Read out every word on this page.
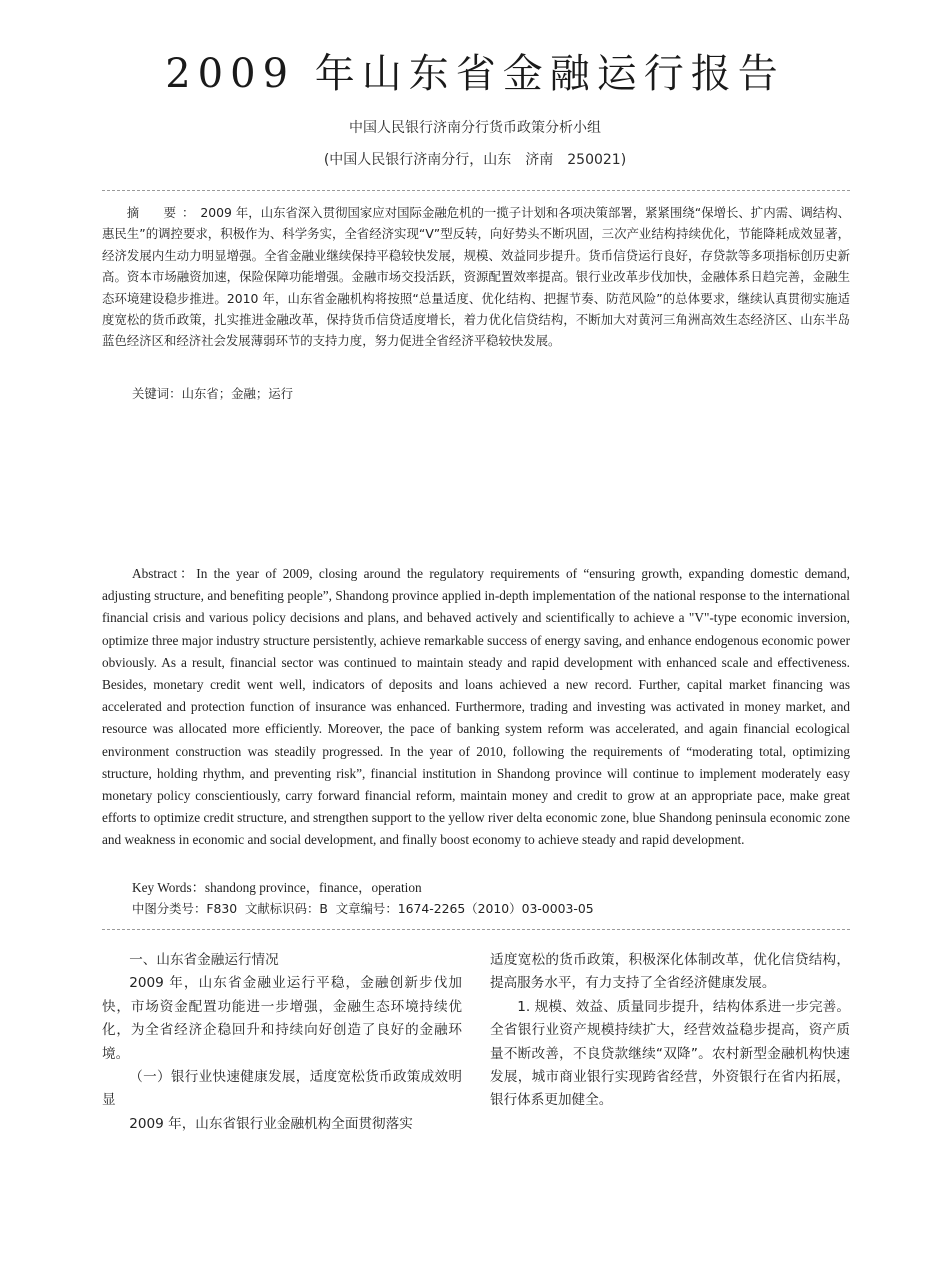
2009 年山东省金融运行报告
中国人民银行济南分行货币政策分析小组
(中国人民银行济南分行，山东　济南　250021)

摘　要：2009 年，山东省深入贯彻国家应对国际金融危机的一揽子计划和各项决策部署，紧紧围绕“保增长、扩内需、调结构、惠民生”的调控要求，积极作为、科学务实，全省经济实现“V”型反转，向好势头不断巩固，三次产业结构持续优化，节能降耗成效显著，经济发展内生动力明显增强。全省金融业继续保持平稳较快发展，规模、效益同步提升。货币信贷运行良好，存贷款等多项指标创历史新高。资本市场融资加速，保险保障功能增强。金融市场交投活跃，资源配置效率提高。银行业改革步伐加快，金融体系日趋完善，金融生态环境建设稳步推进。2010 年，山东省金融机构将按照“总量适度、优化结构、把握节奏、防范风险”的总体要求，继续认真贯彻实施适度宽松的货币政策，扎实推进金融改革，保持货币信贷适度增长，着力优化信贷结构，不断加大对黄河三角洲高效生态经济区、山东半岛蓝色经济区和经济社会发展薄弱环节的支持力度，努力促进全省经济平稳较快发展。

关键词：山东省；金融；运行

Abstract：In the year of 2009, closing around the regulatory requirements of “ensuring growth, expanding domestic demand, adjusting structure, and benefiting people”, Shandong province applied in-depth implementation of the national response to the international financial crisis and various policy decisions and plans, and behaved actively and scientifically to achieve a "V"-type economic inversion, optimize three major industry structure persistently, achieve remarkable success of energy saving, and enhance endogenous economic power obviously. As a result, financial sector was continued to maintain steady and rapid development with enhanced scale and effectiveness. Besides, monetary credit went well, indicators of deposits and loans achieved a new record. Further, capital market financing was accelerated and protection function of insurance was enhanced. Furthermore, trading and investing was activated in money market, and resource was allocated more efficiently. Moreover, the pace of banking system reform was accelerated, and again financial ecological environment construction was steadily progressed. In the year of 2010, following the requirements of “moderating total, optimizing structure, holding rhythm, and preventing risk”, financial institution in Shandong province will continue to implement moderately easy monetary policy conscientiously, carry forward financial reform, maintain money and credit to grow at an appropriate pace, make great efforts to optimize credit structure, and strengthen support to the yellow river delta economic zone, blue Shandong peninsula economic zone and weakness in economic and social development, and finally boost economy to achieve steady and rapid development.

Key Words：shandong province，finance，operation

中图分类号：F830 文献标识码：B 文章编号：1674-2265（2010）03-0003-05

一、山东省金融运行情况

2009 年，山东省金融业运行平稳，金融创新步伐加快，市场资金配置功能进一步增强，金融生态环境持续优化，为全省经济企稳回升和持续向好创造了良好的金融环境。

（一）银行业快速健康发展，适度宽松货币政策成效明显

2009 年，山东省银行业金融机构全面贯彻落实

适度宽松的货币政策，积极深化体制改革，优化信贷结构，提高服务水平，有力支持了全省经济健康发展。

1. 规模、效益、质量同步提升，结构体系进一步完善。全省银行业资产规模持续扩大，经营效益稳步提高，资产质量不断改善，不良贷款继续“双降”。农村新型金融机构快速发展，城市商业银行实现跨省经营，外资银行在省内拓展，银行体系更加健全。
